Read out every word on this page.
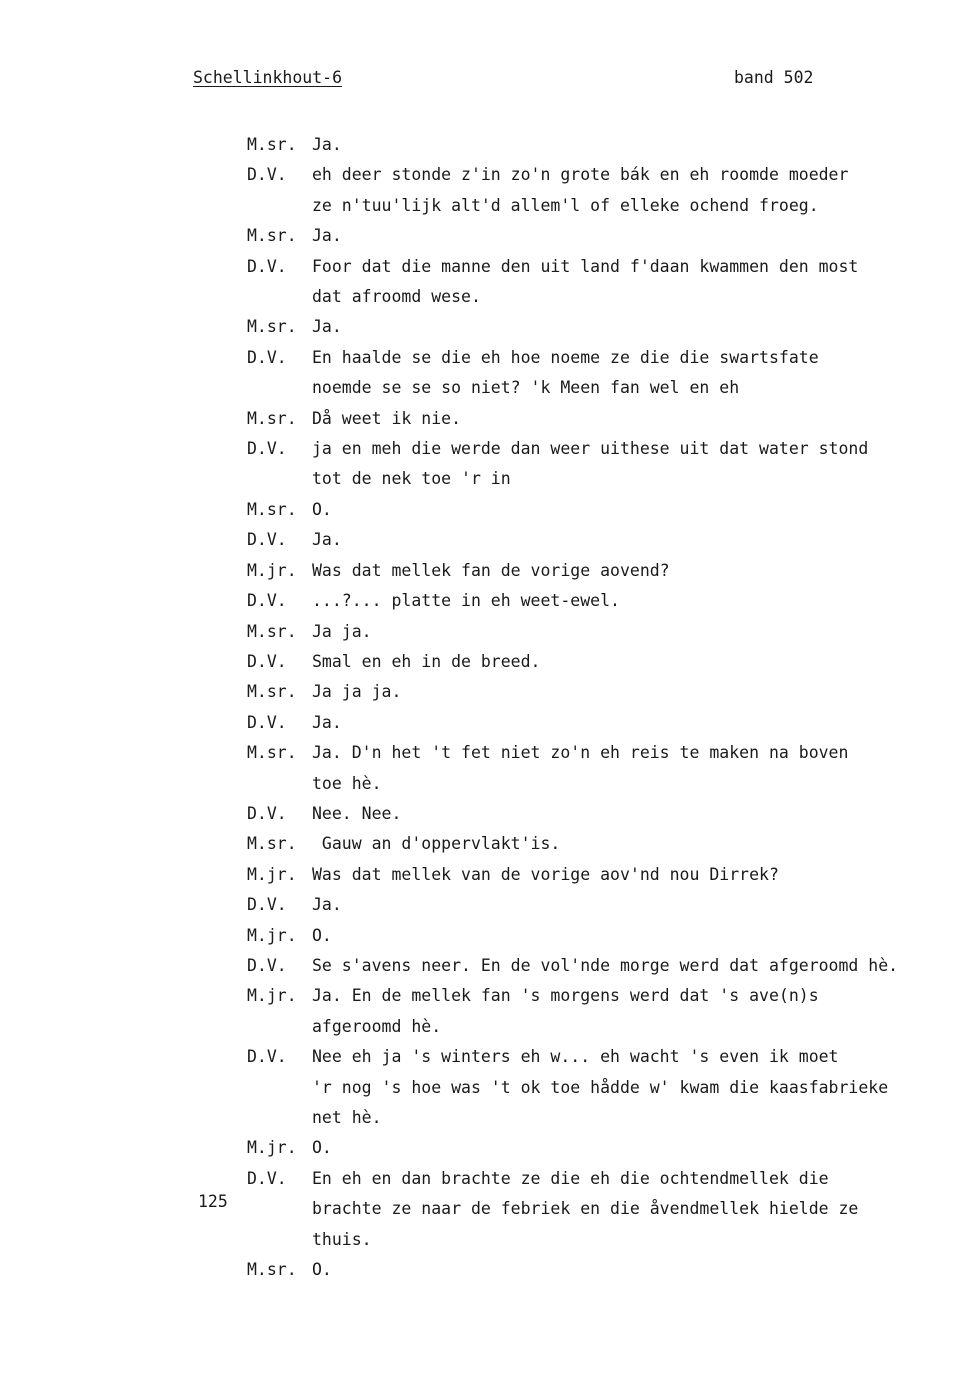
Schellinkhout-6	band 502
M.sr. Ja.
D.V.	eh deer stonde z'in zo'n grote bák en eh roomde moeder
ze n'tuu'lijk alt'd allem'l of elleke ochend froeg.
M.sr. Ja.
D.V.	Foor dat die manne den uit land f'daan kwammen den most
dat afroomd wese.
M.sr. Ja.
D.V.	En haalde se die eh hoe noeme ze die die swartsfate
noemde se se so niet? 'k Meen fan wel en eh
M.sr. Då weet ik nie.
D.V.	ja en meh die werde dan weer uithese uit dat water stond
tot de nek toe 'r in
M.sr. O.
D.V.	Ja.
M.jr. Was dat mellek fan de vorige aovend?
D.V.	...?... platte in eh weet-ewel.
M.sr. Ja ja.
D.V.	Smal en eh in de breed.
M.sr. Ja ja ja.
D.V.	Ja.
M.sr. Ja. D'n het 't fet niet zo'n eh reis te maken na boven
toe hè.
D.V.	Nee. Nee.
M.sr. Gauw an d'oppervlakt'is.
M.jr. Was dat mellek van de vorige aov'nd nou Dirrek?
D.V.	Ja.
M.jr. O.
D.V.	Se s'avens neer. En de vol'nde morge werd dat afgeroomd hè.
M.jr. Ja. En de mellek fan 's morgens werd dat 's ave(n)s
afgeroomd hè.
D.V.	Nee eh ja 's winters eh w... eh wacht 's even ik moet
'r nog 's hoe was 't ok toe hådde w' kwam die kaasfabrieke
net hè.
M.jr. O.
D.V.	En eh en dan brachte ze die eh die ochtendmellek die
brachte ze naar de febriek en die åvendmellek hielde ze
thuis.
M.sr. O.
125
